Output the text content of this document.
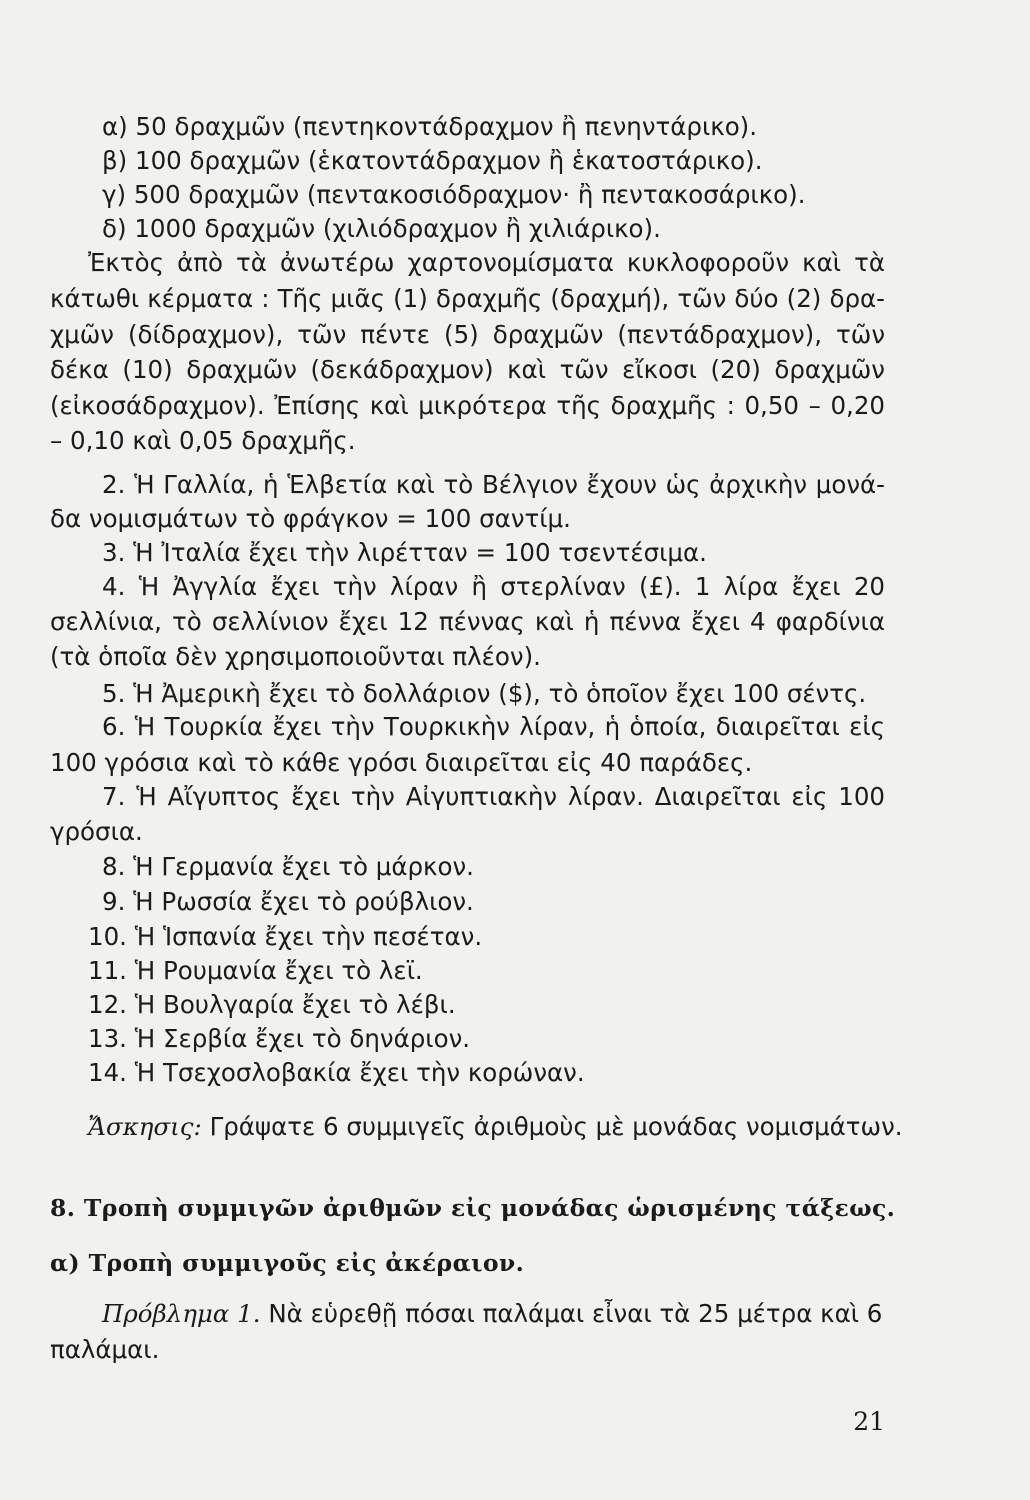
α) 50 δραχμῶν (πεντηκοντάδραχμον ἢ πενηντάρικο).
β) 100 δραχμῶν (ἑκατοντάδραχμον ἢ ἑκατοστάρικο).
γ) 500 δραχμῶν (πεντακοσιόδραχμον· ἢ πεντακοσάρικο).
δ) 1000 δραχμῶν (χιλιόδραχμον ἢ χιλιάρικο).
Ἐκτὸς ἀπὸ τὰ ἀνωτέρω χαρτονομίσματα κυκλοφοροῦν καὶ τὰ
κάτωθι κέρματα : Τῆς μιᾶς (1) δραχμῆς (δραχμή), τῶν δύο (2) δρα-
χμῶν (δίδραχμον), τῶν πέντε (5) δραχμῶν (πεντάδραχμον), τῶν
δέκα (10) δραχμῶν (δεκάδραχμον) καὶ τῶν εἴκοσι (20) δραχμῶν
(εἰκοσάδραχμον). Ἐπίσης καὶ μικρότερα τῆς δραχμῆς : 0,50 – 0,20
– 0,10 καὶ 0,05 δραχμῆς.
2. Ἡ Γαλλία, ἡ Ἑλβετία καὶ τὸ Βέλγιον ἔχουν ὡς ἀρχικὴν μονά-
δα νομισμάτων τὸ φράγκον = 100 σαντίμ.
3. Ἡ Ἰταλία ἔχει τὴν λιρέτταν = 100 τσεντέσιμα.
4. Ἡ Ἀγγλία ἔχει τὴν λίραν ἢ στερλίναν (£). 1 λίρα ἔχει 20
σελλίνια, τὸ σελλίνιον ἔχει 12 πέννας καὶ ἡ πέννα ἔχει 4 φαρδίνια
(τὰ ὁποῖα δὲν χρησιμοποιοῦνται πλέον).
5. Ἡ Ἀμερικὴ ἔχει τὸ δολλάριον ($), τὸ ὁποῖον ἔχει 100 σέντς.
6. Ἡ Τουρκία ἔχει τὴν Τουρκικὴν λίραν, ἡ ὁποία, διαιρεῖται εἰς
100 γρόσια καὶ τὸ κάθε γρόσι διαιρεῖται εἰς 40 παράδες.
7. Ἡ Αἴγυπτος ἔχει τὴν Αἰγυπτιακὴν λίραν. Διαιρεῖται εἰς 100
γρόσια.
8. Ἡ Γερμανία ἔχει τὸ μάρκον.
9. Ἡ Ρωσσία ἔχει τὸ ρούβλιον.
10. Ἡ Ἱσπανία ἔχει τὴν πεσέταν.
11. Ἡ Ρουμανία ἔχει τὸ λεϊ.
12. Ἡ Βουλγαρία ἔχει τὸ λέβι.
13. Ἡ Σερβία ἔχει τὸ δηνάριον.
14. Ἡ Τσεχοσλοβακία ἔχει τὴν κορώναν.
Ἄσκησις: Γράψατε 6 συμμιγεῖς ἀριθμοὺς μὲ μονάδας νομισμάτων.
8. Τροπὴ συμμιγῶν ἀριθμῶν εἰς μονάδας ὡρισμένης τάξεως.
α) Τροπὴ συμμιγοῦς εἰς ἀκέραιον.
Πρόβλημα 1. Νὰ εὑρεθῇ πόσαι παλάμαι εἶναι τὰ 25 μέτρα καὶ 6
παλάμαι.
21
